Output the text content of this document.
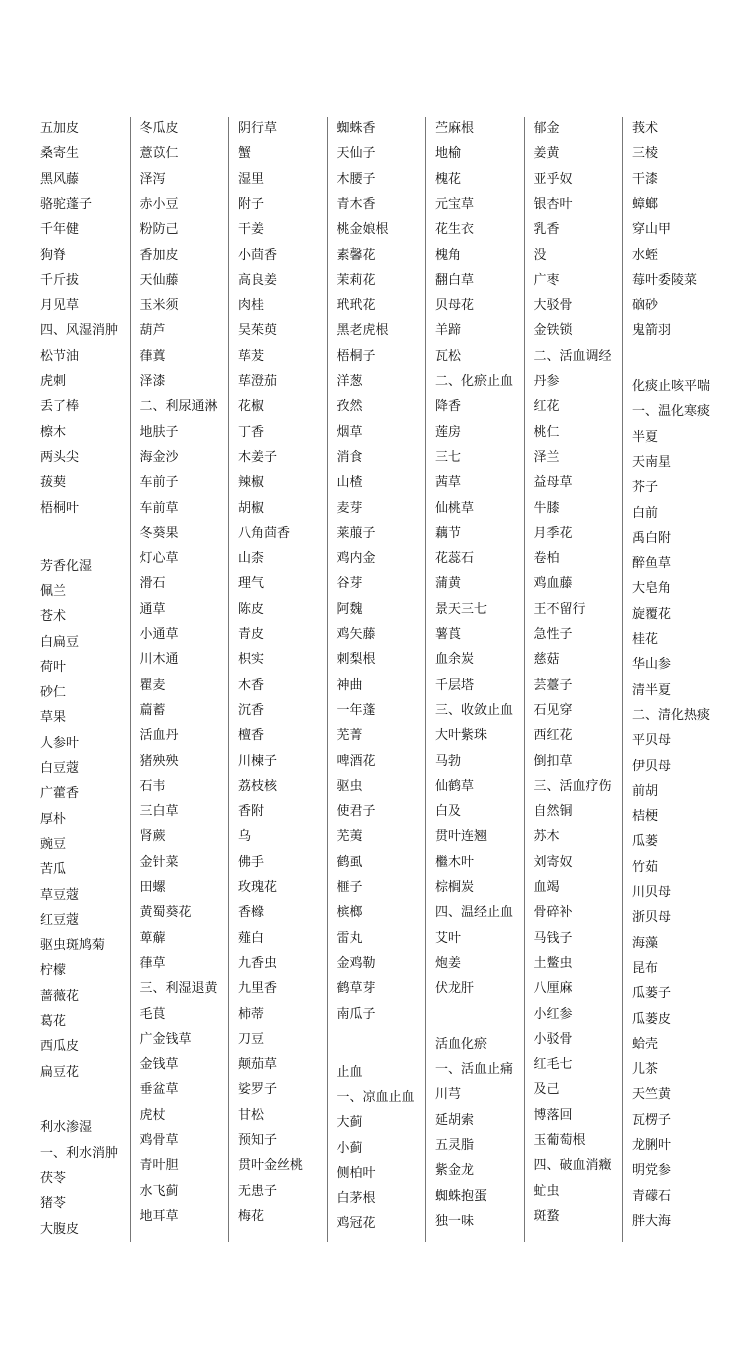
五加皮
桑寄生
黑风藤
骆驼蓬子
千年健
狗脊
千斤拔
月见草
四、风湿消肿
松节油
虎刺
丢了棒
檫木
两头尖
菝葜
梧桐叶
芳香化湿
佩兰
苍术
白扁豆
荷叶
砂仁
草果
人参叶
白豆蔻
广藿香
厚朴
豌豆
苦瓜
草豆蔻
红豆蔻
驱虫斑鸠菊
柠檬
蔷薇花
葛花
西瓜皮
扁豆花
利水渗湿
一、利水消肿
茯苓
猪苓
大腹皮
冬瓜皮
薏苡仁
泽泻
赤小豆
粉防己
香加皮
天仙藤
玉米须
葫芦
葎蒖
泽漆
二、利尿通淋
地肤子
海金沙
车前子
车前草
冬葵果
灯心草
滑石
通草
小通草
川木通
瞿麦
萹蓄
活血丹
猪殃殃
石韦
三白草
肾蕨
金针菜
田螺
黄蜀葵花
萆薢
葎草
三、利湿退黄
毛茛
广金钱草
金钱草
垂盆草
虎杖
鸡骨草
青叶胆
水飞蓟
地耳草
阴行草
蟹
湿里
附子
干姜
小茴香
高良姜
肉桂
吴茱萸
荜茇
荜澄茄
花椒
丁香
木姜子
辣椒
胡椒
八角茴香
山柰
理气
陈皮
青皮
枳实
木香
沉香
檀香
川楝子
荔枝核
香附
乌
佛手
玫瑰花
香橼
薤白
九香虫
九里香
柿蒂
刀豆
颠茄草
娑罗子
甘松
预知子
贯叶金丝桃
无患子
梅花
蜘蛛香
天仙子
木腰子
青木香
桃金娘根
素馨花
茉莉花
玳玳花
黑老虎根
梧桐子
洋葱
孜然
烟草
消食
山楂
麦芽
莱菔子
鸡内金
谷芽
阿魏
鸡矢藤
刺梨根
神曲
一年蓬
芜菁
啤酒花
驱虫
使君子
芜荑
鹤虱
榧子
槟榔
雷丸
金鸡勒
鹤草芽
南瓜子
止血
一、凉血止血
大蓟
小蓟
侧柏叶
白茅根
鸡冠花
苎麻根
地榆
槐花
元宝草
花生衣
槐角
翻白草
贝母花
羊蹄
瓦松
二、化瘀止血
降香
莲房
三七
茜草
仙桃草
藕节
花蕊石
蒲黄
景天三七
薯莨
血余炭
千层塔
三、收敛止血
大叶紫珠
马勃
仙鹤草
白及
贯叶连翘
檵木叶
棕榈炭
四、温经止血
艾叶
炮姜
伏龙肝
活血化瘀
一、活血止痛
川芎
延胡索
五灵脂
紫金龙
蜘蛛抱蛋
独一味
郁金
姜黄
亚乎奴
银杏叶
乳香
没
广枣
大驳骨
金铁锁
二、活血调经
丹参
红花
桃仁
泽兰
益母草
牛膝
月季花
卷柏
鸡血藤
王不留行
急性子
慈菇
芸薹子
石见穿
西红花
倒扣草
三、活血疗伤
自然铜
苏木
刘寄奴
血竭
骨碎补
马钱子
土鳖虫
八厘麻
小红参
小驳骨
红毛七
及己
博落回
玉葡萄根
四、破血消癥
虻虫
斑蝥
莪术
三棱
干漆
蟑螂
穿山甲
水蛭
莓叶委陵菜
硇砂
鬼箭羽
化痰止咳平喘
一、温化寒痰
半夏
天南星
芥子
白前
禹白附
醉鱼草
大皂角
旋覆花
桂花
华山参
清半夏
二、清化热痰
平贝母
伊贝母
前胡
桔梗
瓜蒌
竹茹
川贝母
浙贝母
海藻
昆布
瓜蒌子
瓜蒌皮
蛤壳
儿茶
天竺黄
瓦楞子
龙脷叶
明党参
青礞石
胖大海
